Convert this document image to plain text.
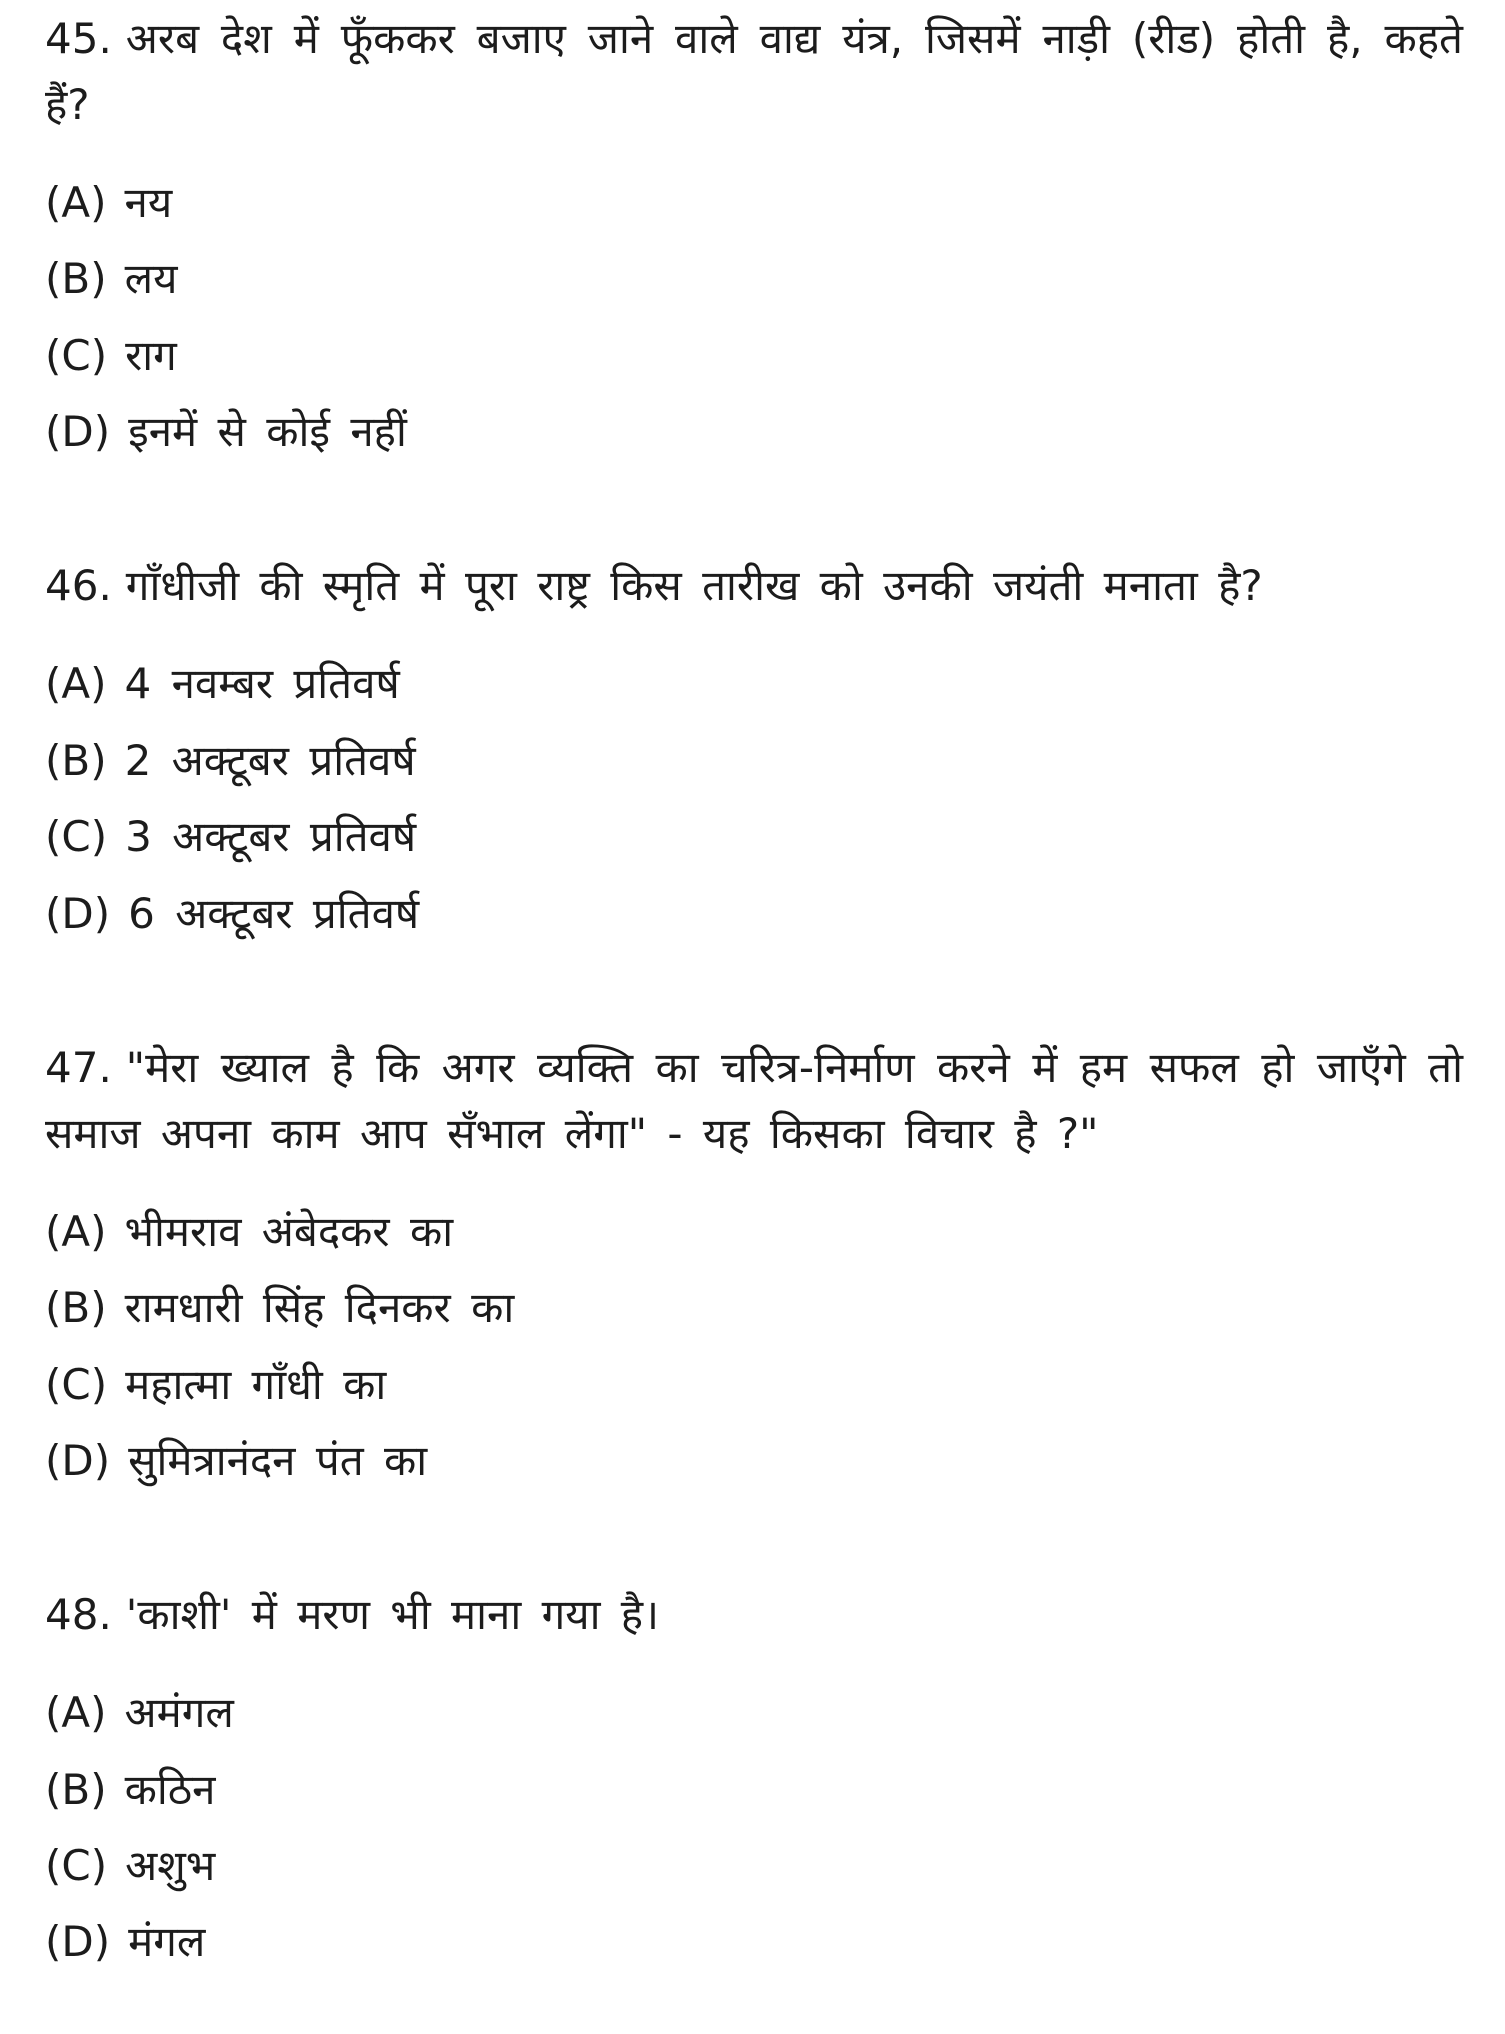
45. अरब देश में फूँककर बजाए जाने वाले वाद्य यंत्र, जिसमें नाड़ी (रीड) होती है, कहते हैं?

(A) नय

(B) लय

(C) राग

(D) इनमें से कोई नहीं

46. गाँधीजी की स्मृति में पूरा राष्ट्र किस तारीख को उनकी जयंती मनाता है?

(A) 4 नवम्बर प्रतिवर्ष

(B) 2 अक्टूबर प्रतिवर्ष

(C) 3 अक्टूबर प्रतिवर्ष

(D) 6 अक्टूबर प्रतिवर्ष

47. "मेरा ख्याल है कि अगर व्यक्ति का चरित्र-निर्माण करने में हम सफल हो जाएँगे तो समाज अपना काम आप सँभाल लेंगा" - यह किसका विचार है ?"

(A) भीमराव अंबेदकर का

(B) रामधारी सिंह दिनकर का

(C) महात्मा गाँधी का

(D) सुमित्रानंदन पंत का

48. 'काशी' में मरण भी माना गया है।

(A) अमंगल

(B) कठिन

(C) अशुभ

(D) मंगल
